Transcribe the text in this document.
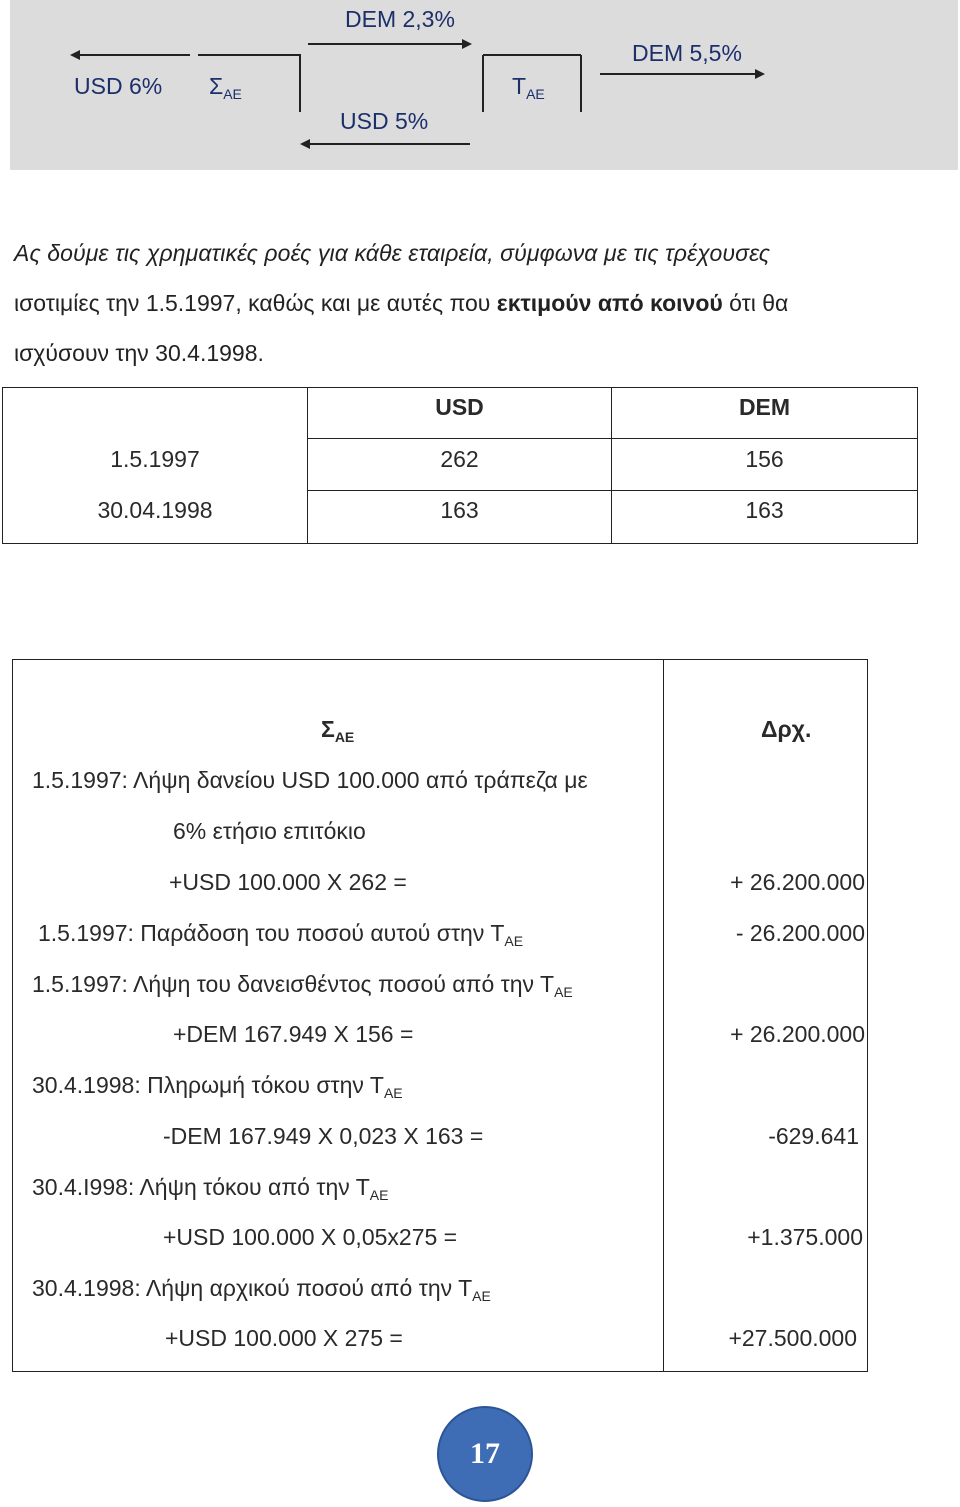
DEM 2,3%
DEM 5,5%
USD 6% $\Sigma_{AE}$	$T_{AE}$
USD 5%
Ας δούμε τις χρηματικές ροές για κάθε εταιρεία, σύμφωνα με τις τρέχουσες
ισοτιμίες την 1.5.1997, καθώς και με αυτές που εκτιμούν από κοινού ότι θα
ισχύσουν την 30.4.1998.
USD	DEM
1.5.1997	262	156
30.04.1998	163	163
$\Sigma_{AE}$	Δρχ.
1.5.1997: Λήψη δανείου USD 100.000 από τράπεζα με
6% ετήσιο επιτόκιο
+USD 100.000 Χ 262 =	+ 26.200.000
1.5.1997: Παράδοση του ποσού αυτού στην $T_{AE}$	- 26.200.000
1.5.1997: Λήψη του δανεισθέντος ποσού από την $T_{AE}$
+DEM 167.949 Χ 156 =	+ 26.200.000
30.4.1998: Πληρωμή τόκου στην $T_{AE}$
-DEM 167.949 Χ 0,023 Χ 163 =	-629.641
30.4.Ι998: Λήψη τόκου από την $T_{AE}$
+USD 100.000 Χ 0,05x275 =	+1.375.000
30.4.1998: Λήψη αρχικού ποσού από την $T_{AE}$
+USD 100.000 Χ 275 =	+27.500.000
17
